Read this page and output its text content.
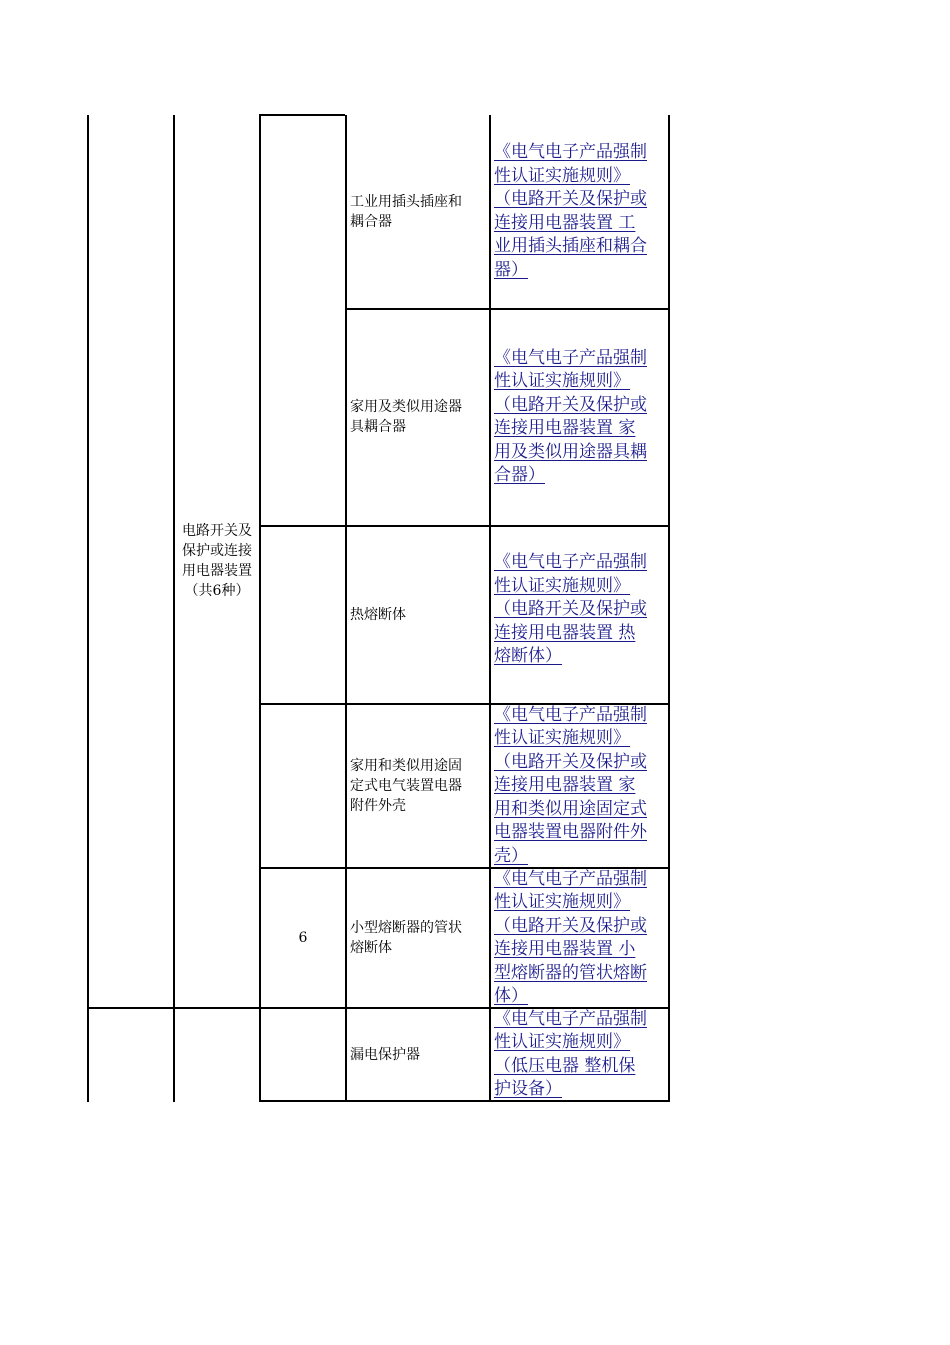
电路开关及
保护或连接
用电器装置
（共6种）
工业用插头插座和
耦合器
《电气电子产品强制
性认证实施规则》
（电路开关及保护或
连接用电器装置 工
业用插头插座和耦合
器）
家用及类似用途器
具耦合器
《电气电子产品强制
性认证实施规则》
（电路开关及保护或
连接用电器装置 家
用及类似用途器具耦
合器）
热熔断体
《电气电子产品强制
性认证实施规则》
（电路开关及保护或
连接用电器装置 热
熔断体）
家用和类似用途固
定式电气装置电器
附件外壳
《电气电子产品强制
性认证实施规则》
（电路开关及保护或
连接用电器装置 家
用和类似用途固定式
电器装置电器附件外
壳）
6
小型熔断器的管状
熔断体
《电气电子产品强制
性认证实施规则》
（电路开关及保护或
连接用电器装置 小
型熔断器的管状熔断
体）
漏电保护器
《电气电子产品强制
性认证实施规则》
（低压电器 整机保
护设备）
